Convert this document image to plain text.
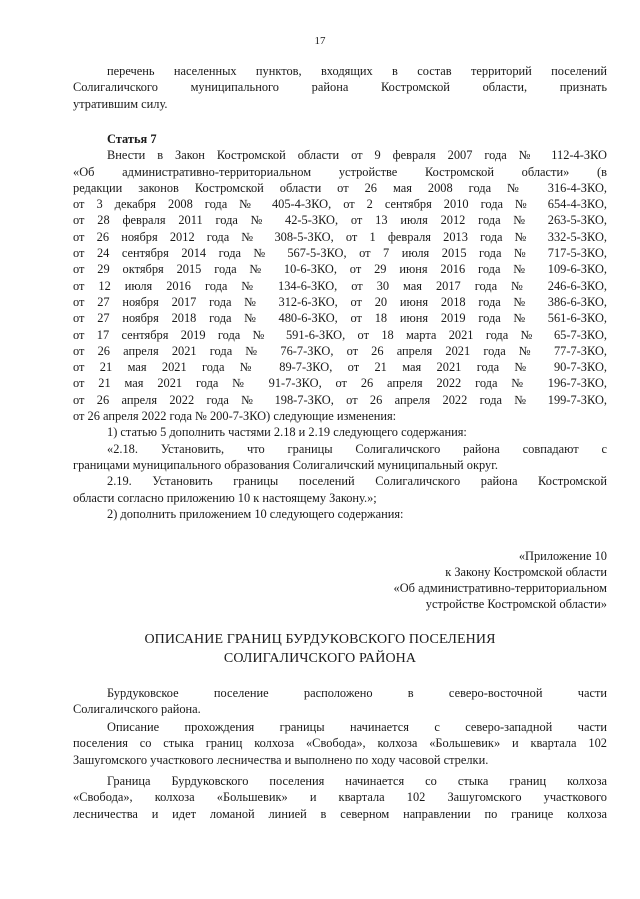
17

перечень населенных пунктов, входящих в состав территорий поселений

Солигаличского муниципального района Костромской области, признать

утратившим силу.

Статья 7

Внести в Закон Костромской области от 9 февраля 2007 года № 112-4-ЗКО

«Об административно-территориальном устройстве Костромской области» (в

редакции законов Костромской области от 26 мая 2008 года № 316-4-ЗКО,

от 3 декабря 2008 года № 405-4-ЗКО, от 2 сентября 2010 года № 654-4-ЗКО,

от 28 февраля 2011 года № 42-5-ЗКО, от 13 июля 2012 года № 263-5-ЗКО,

от 26 ноября 2012 года № 308-5-ЗКО, от 1 февраля 2013 года № 332-5-ЗКО,

от 24 сентября 2014 года № 567-5-ЗКО, от 7 июля 2015 года № 717-5-ЗКО,

от 29 октября 2015 года № 10-6-ЗКО, от 29 июня 2016 года № 109-6-ЗКО,

от 12 июля 2016 года № 134-6-ЗКО, от 30 мая 2017 года № 246-6-ЗКО,

от 27 ноября 2017 года № 312-6-ЗКО, от 20 июня 2018 года № 386-6-ЗКО,

от 27 ноября 2018 года № 480-6-ЗКО, от 18 июня 2019 года № 561-6-ЗКО,

от 17 сентября 2019 года № 591-6-ЗКО, от 18 марта 2021 года № 65-7-ЗКО,

от 26 апреля 2021 года № 76-7-ЗКО, от 26 апреля 2021 года № 77-7-ЗКО,

от 21 мая 2021 года № 89-7-ЗКО, от 21 мая 2021 года № 90-7-ЗКО,

от 21 мая 2021 года № 91-7-ЗКО, от 26 апреля 2022 года № 196-7-ЗКО,

от 26 апреля 2022 года № 198-7-ЗКО, от 26 апреля 2022 года № 199-7-ЗКО,

от 26 апреля 2022 года № 200-7-ЗКО) следующие изменения:

1) статью 5 дополнить частями 2.18 и 2.19 следующего содержания:

«2.18. Установить, что границы Солигаличского района совпадают с

границами муниципального образования Солигаличский муниципальный округ.

2.19. Установить границы поселений Солигаличского района Костромской

области согласно приложению 10 к настоящему Закону.»;

2) дополнить приложением 10 следующего содержания:

«Приложение 10
к Закону Костромской области
«Об административно-территориальном
устройстве Костромской области»
ОПИСАНИЕ ГРАНИЦ БУРДУКОВСКОГО ПОСЕЛЕНИЯ
СОЛИГАЛИЧСКОГО РАЙОНА

Бурдуковское поселение расположено в северо-восточной части

Солигаличского района.

Описание прохождения границы начинается с северо-западной части

поселения со стыка границ колхоза «Свобода», колхоза «Большевик» и квартала 102

Зашугомского участкового лесничества и выполнено по ходу часовой стрелки.

Граница Бурдуковского поселения начинается со стыка границ колхоза

«Свобода», колхоза «Большевик» и квартала 102 Зашугомского участкового

лесничества и идет ломаной линией в северном направлении по границе колхоза
